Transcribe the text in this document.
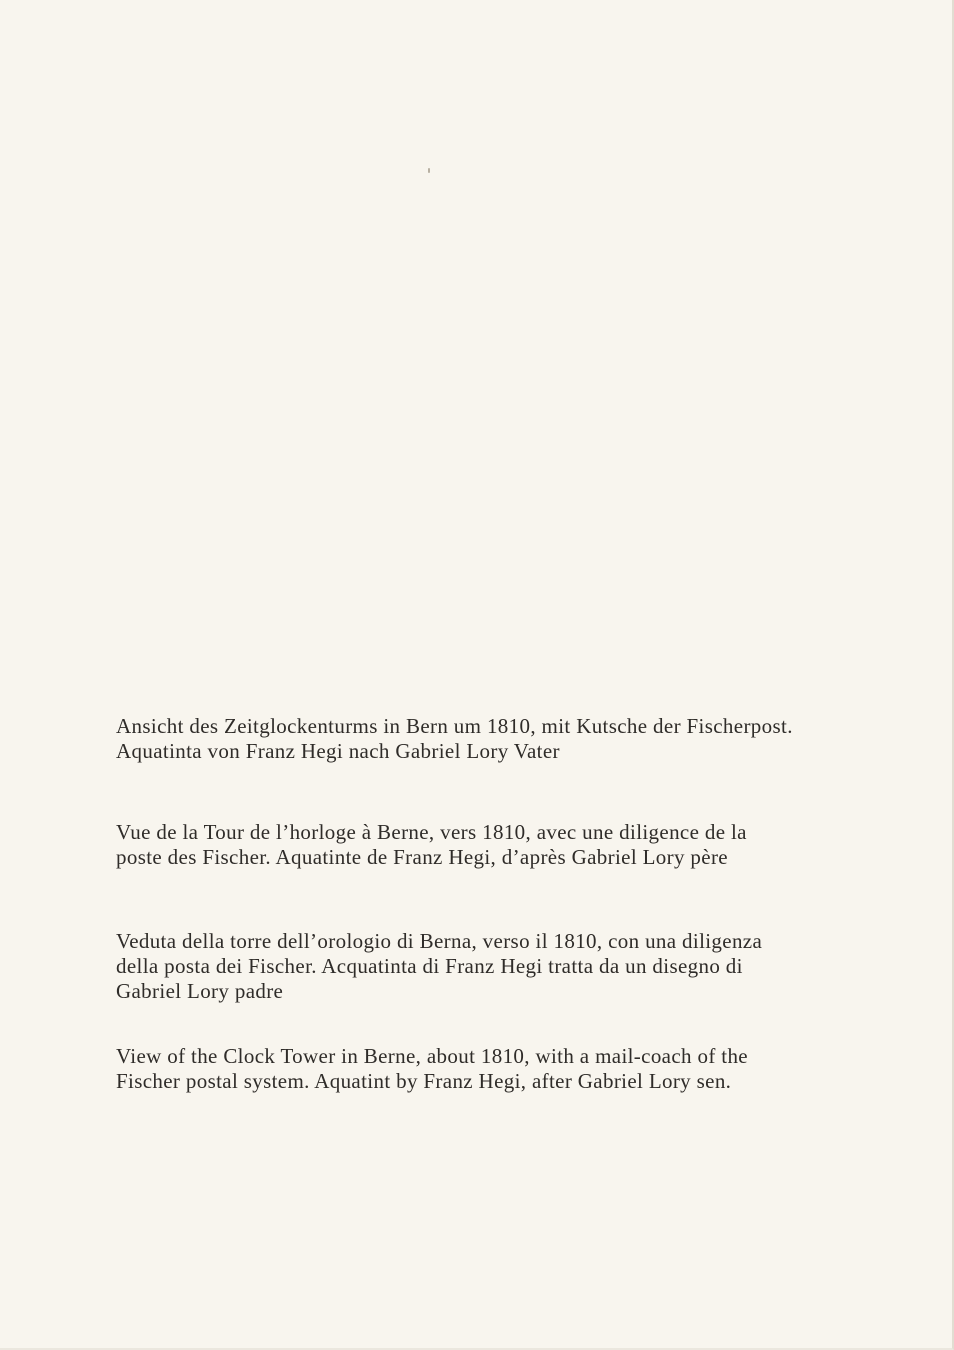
Ansicht des Zeitglockenturms in Bern um 1810, mit Kutsche der Fischerpost.
Aquatinta von Franz Hegi nach Gabriel Lory Vater

Vue de la Tour de l’horloge à Berne, vers 1810, avec une diligence de la
poste des Fischer. Aquatinte de Franz Hegi, d’après Gabriel Lory père

Veduta della torre dell’orologio di Berna, verso il 1810, con una diligenza
della posta dei Fischer. Acquatinta di Franz Hegi tratta da un disegno di
Gabriel Lory padre

View of the Clock Tower in Berne, about 1810, with a mail-coach of the
Fischer postal system. Aquatint by Franz Hegi, after Gabriel Lory sen.
